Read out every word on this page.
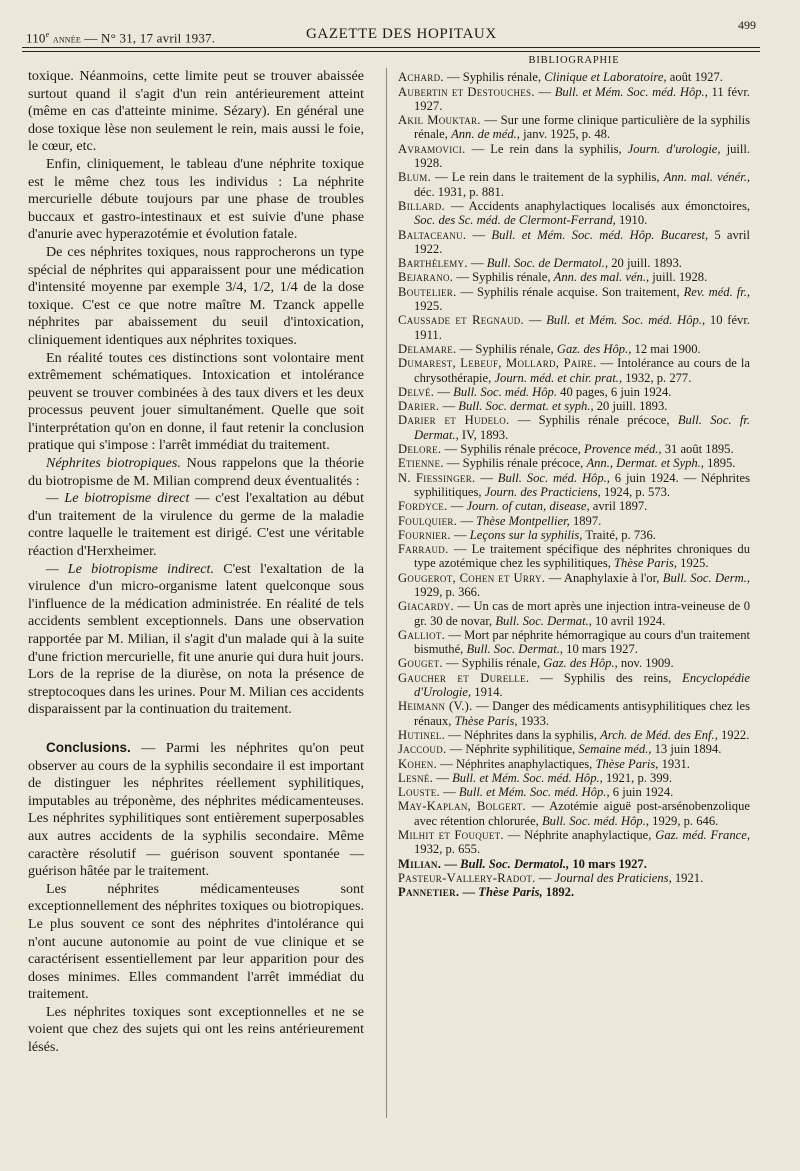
110e année — N° 31, 17 avril 1937.	GAZETTE DES HOPITAUX
499

toxique. Néanmoins, cette limite peut se trouver abaissée surtout quand il s'agit d'un rein antérieurement atteint (même en cas d'atteinte minime. Sézary). En général une dose toxique lèse non seulement le rein, mais aussi le foie, le cœur, etc.

Enfin, cliniquement, le tableau d'une néphrite toxique est le même chez tous les individus : La néphrite mercurielle débute toujours par une phase de troubles buccaux et gastro-intestinaux et est suivie d'une phase d'anurie avec hyperazotémie et évolution fatale.

De ces néphrites toxiques, nous rapprocherons un type spécial de néphrites qui apparaissent pour une médication d'intensité moyenne par exemple 3/4, 1/2, 1/4 de la dose toxique. C'est ce que notre maître M. Tzanck appelle néphrites par abaissement du seuil d'intoxication, cliniquement identiques aux néphrites toxiques.

En réalité toutes ces distinctions sont volontaire ment extrêmement schématiques. Intoxication et intolérance peuvent se trouver combinées à des taux divers et les deux processus peuvent jouer simultanément. Quelle que soit l'interprétation qu'on en donne, il faut retenir la conclusion pratique qui s'impose : l'arrêt immédiat du traitement.

Néphrites biotropiques. Nous rappelons que la théorie du biotropisme de M. Milian comprend deux éventualités :

— Le biotropisme direct — c'est l'exaltation au début d'un traitement de la virulence du germe de la maladie contre laquelle le traitement est dirigé. C'est une véritable réaction d'Herxheimer.

— Le biotropisme indirect. C'est l'exaltation de la virulence d'un micro-organisme latent quelconque sous l'influence de la médication administrée. En réalité de tels accidents semblent exceptionnels. Dans une observation rapportée par M. Milian, il s'agit d'un malade qui à la suite d'une friction mercurielle, fit une anurie qui dura huit jours. Lors de la reprise de la diurèse, on nota la présence de streptocoques dans les urines. Pour M. Milian ces accidents disparaissent par la continuation du traitement.

Conclusions. — Parmi les néphrites qu'on peut observer au cours de la syphilis secondaire il est important de distinguer les néphrites réellement syphilitiques, imputables au tréponème, des néphrites médicamenteuses. Les néphrites syphilitiques sont entièrement superposables aux autres accidents de la syphilis secondaire. Même caractère résolutif — guérison souvent spontanée — guérison hâtée par le traitement.

Les néphrites médicamenteuses sont exceptionnellement des néphrites toxiques ou biotropiques. Le plus souvent ce sont des néphrites d'intolérance qui n'ont aucune autonomie au point de vue clinique et se caractérisent essentiellement par leur apparition pour des doses minimes. Elles commandent l'arrêt immédiat du traitement.

Les néphrites toxiques sont exceptionnelles et ne se voient que chez des sujets qui ont les reins antérieurement lésés.

BIBLIOGRAPHIE

Achard. — Syphilis rénale, Clinique et Laboratoire, août 1927.

Aubertin et Destouches. — Bull. et Mém. Soc. méd. Hôp., 11 févr. 1927.

Akil Mouktar. — Sur une forme clinique particulière de la syphilis rénale, Ann. de méd., janv. 1925, p. 48.

Avramovici. — Le rein dans la syphilis, Journ. d'urologie, juill. 1928.

Blum. — Le rein dans le traitement de la syphilis, Ann. mal. vénér., déc. 1931, p. 881.

Billard. — Accidents anaphylactiques localisés aux émonctoires, Soc. des Sc. méd. de Clermont-Ferrand, 1910.

Baltaceanu. — Bull. et Mém. Soc. méd. Hôp. Bucarest, 5 avril 1922.

Barthélemy. — Bull. Soc. de Dermatol., 20 juill. 1893.

Bejarano. — Syphilis rénale, Ann. des mal. vén., juill. 1928.

Boutelier. — Syphilis rénale acquise. Son traitement, Rev. méd. fr., 1925.

Caussade et Regnaud. — Bull. et Mém. Soc. méd. Hôp., 10 févr. 1911.

Delamare. — Syphilis rénale, Gaz. des Hôp., 12 mai 1900.

Dumarest, Lebeuf, Mollard, Paire. — Intolérance au cours de la chrysothérapie, Journ. méd. et chir. prat., 1932, p. 277.

Delvé. — Bull. Soc. méd. Hôp. 40 pages, 6 juin 1924.

Darier. — Bull. Soc. dermat. et syph., 20 juill. 1893.

Darier et Hudelo. — Syphilis rénale précoce, Bull. Soc. fr. Dermat., IV, 1893.

Delore. — Syphilis rénale précoce, Provence méd., 31 août 1895.

Etienne. — Syphilis rénale précoce, Ann., Dermat. et Syph., 1895.

N. Fiessinger. — Bull. Soc. méd. Hôp., 6 juin 1924. — Néphrites syphilitiques, Journ. des Practiciens, 1924, p. 573.

Fordyce. — Journ. of cutan, disease, avril 1897.

Foulquier. — Thèse Montpellier, 1897.

Fournier. — Leçons sur la syphilis, Traité, p. 736.

Farraud. — Le traitement spécifique des néphrites chroniques du type azotémique chez les syphilitiques, Thèse Paris, 1925.

Gougerot, Cohen et Urry. — Anaphylaxie à l'or, Bull. Soc. Derm., 1929, p. 366.

Giacardy. — Un cas de mort après une injection intra-veineuse de 0 gr. 30 de novar, Bull. Soc. Dermat., 10 avril 1924.

Galliot. — Mort par néphrite hémorragique au cours d'un traitement bismuthé, Bull. Soc. Dermat., 10 mars 1927.

Gouget. — Syphilis rénale, Gaz. des Hôp., nov. 1909.

Gaucher et Durelle. — Syphilis des reins, Encyclopédie d'Urologie, 1914.

Heimann (V.). — Danger des médicaments antisyphilitiques chez les rénaux, Thèse Paris, 1933.

Hutinel. — Néphrites dans la syphilis, Arch. de Méd. des Enf., 1922.

Jaccoud. — Néphrite syphilitique, Semaine méd., 13 juin 1894.

Kohen. — Néphrites anaphylactiques, Thèse Paris, 1931.

Lesné. — Bull. et Mém. Soc. méd. Hôp., 1921, p. 399.

Louste. — Bull. et Mém. Soc. méd. Hôp., 6 juin 1924.

May-Kaplan, Bolgert. — Azotémie aiguë post-arsénobenzolique avec rétention chlorurée, Bull. Soc. méd. Hôp., 1929, p. 646.

Milhit et Fouquet. — Néphrite anaphylactique, Gaz. méd. France, 1932, p. 655.

Milian. — Bull. Soc. Dermatol., 10 mars 1927.

Pasteur-Vallery-Radot. — Journal des Praticiens, 1921.

Pannetier. — Thèse Paris, 1892.
